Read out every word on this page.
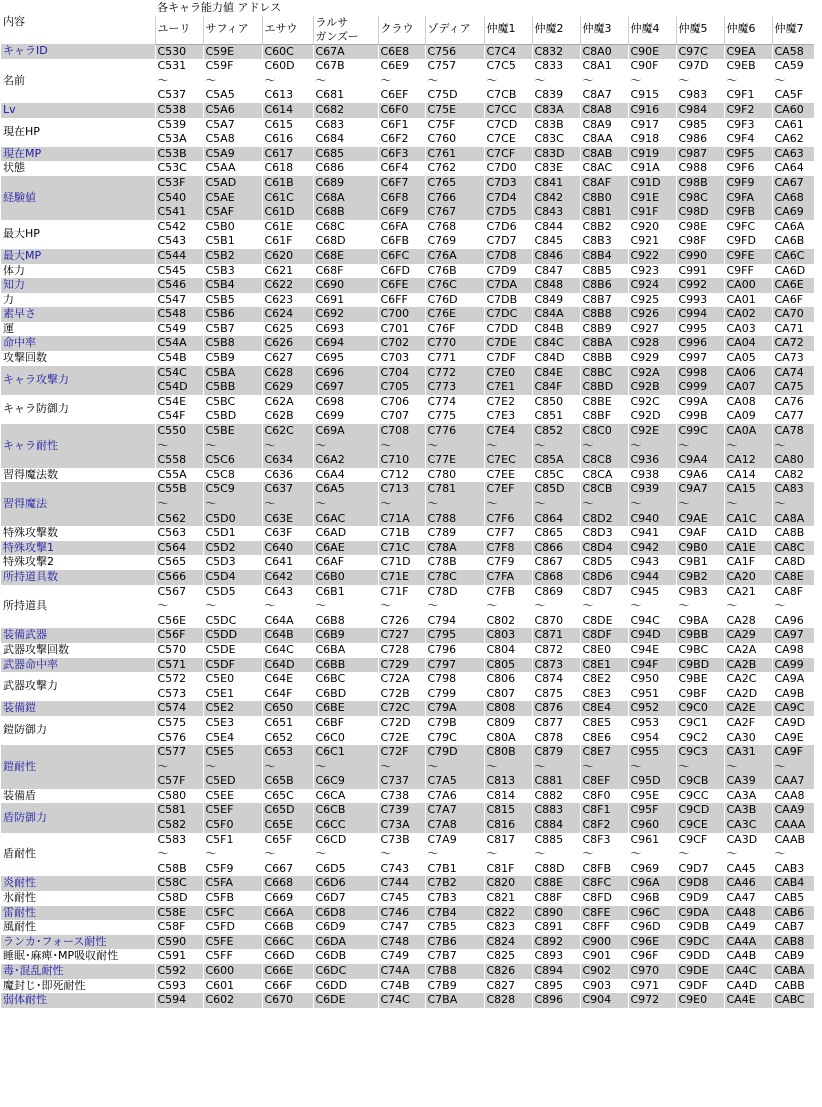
内容	各キャラ能力値 アドレス												
	ユーリ	サフィア	エサウ	ラルサ
ガンズー	クラウ	ゾディア	仲魔1	仲魔2	仲魔3	仲魔4	仲魔5	仲魔6	仲魔7
キャラID	C530	C59E	C60C	C67A	C6E8	C756	C7C4	C832	C8A0	C90E	C97C	C9EA	CA58
名前	C531	C59F	C60D	C67B	C6E9	C757	C7C5	C833	C8A1	C90F	C97D	C9EB	CA59
	～	～	～	～	～	～	～	～	～	～	～	～	～
	C537	C5A5	C613	C681	C6EF	C75D	C7CB	C839	C8A7	C915	C983	C9F1	CA5F
Lv	C538	C5A6	C614	C682	C6F0	C75E	C7CC	C83A	C8A8	C916	C984	C9F2	CA60
現在HP	C539	C5A7	C615	C683	C6F1	C75F	C7CD	C83B	C8A9	C917	C985	C9F3	CA61
	C53A	C5A8	C616	C684	C6F2	C760	C7CE	C83C	C8AA	C918	C986	C9F4	CA62
現在MP	C53B	C5A9	C617	C685	C6F3	C761	C7CF	C83D	C8AB	C919	C987	C9F5	CA63
状態	C53C	C5AA	C618	C686	C6F4	C762	C7D0	C83E	C8AC	C91A	C988	C9F6	CA64
経験値	C53F	C5AD	C61B	C689	C6F7	C765	C7D3	C841	C8AF	C91D	C98B	C9F9	CA67
	C540	C5AE	C61C	C68A	C6F8	C766	C7D4	C842	C8B0	C91E	C98C	C9FA	CA68
	C541	C5AF	C61D	C68B	C6F9	C767	C7D5	C843	C8B1	C91F	C98D	C9FB	CA69
最大HP	C542	C5B0	C61E	C68C	C6FA	C768	C7D6	C844	C8B2	C920	C98E	C9FC	CA6A
	C543	C5B1	C61F	C68D	C6FB	C769	C7D7	C845	C8B3	C921	C98F	C9FD	CA6B
最大MP	C544	C5B2	C620	C68E	C6FC	C76A	C7D8	C846	C8B4	C922	C990	C9FE	CA6C
体力	C545	C5B3	C621	C68F	C6FD	C76B	C7D9	C847	C8B5	C923	C991	C9FF	CA6D
知力	C546	C5B4	C622	C690	C6FE	C76C	C7DA	C848	C8B6	C924	C992	CA00	CA6E
力	C547	C5B5	C623	C691	C6FF	C76D	C7DB	C849	C8B7	C925	C993	CA01	CA6F
素早さ	C548	C5B6	C624	C692	C700	C76E	C7DC	C84A	C8B8	C926	C994	CA02	CA70
運	C549	C5B7	C625	C693	C701	C76F	C7DD	C84B	C8B9	C927	C995	CA03	CA71
命中率	C54A	C5B8	C626	C694	C702	C770	C7DE	C84C	C8BA	C928	C996	CA04	CA72
攻撃回数	C54B	C5B9	C627	C695	C703	C771	C7DF	C84D	C8BB	C929	C997	CA05	CA73
キャラ攻撃力	C54C	C5BA	C628	C696	C704	C772	C7E0	C84E	C8BC	C92A	C998	CA06	CA74
	C54D	C5BB	C629	C697	C705	C773	C7E1	C84F	C8BD	C92B	C999	CA07	CA75
キャラ防御力	C54E	C5BC	C62A	C698	C706	C774	C7E2	C850	C8BE	C92C	C99A	CA08	CA76
	C54F	C5BD	C62B	C699	C707	C775	C7E3	C851	C8BF	C92D	C99B	CA09	CA77
キャラ耐性	C550	C5BE	C62C	C69A	C708	C776	C7E4	C852	C8C0	C92E	C99C	CA0A	CA78
	～	～	～	～	～	～	～	～	～	～	～	～	～
	C558	C5C6	C634	C6A2	C710	C77E	C7EC	C85A	C8C8	C936	C9A4	CA12	CA80
習得魔法数	C55A	C5C8	C636	C6A4	C712	C780	C7EE	C85C	C8CA	C938	C9A6	CA14	CA82
習得魔法	C55B	C5C9	C637	C6A5	C713	C781	C7EF	C85D	C8CB	C939	C9A7	CA15	CA83
	～	～	～	～	～	～	～	～	～	～	～	～	～
	C562	C5D0	C63E	C6AC	C71A	C788	C7F6	C864	C8D2	C940	C9AE	CA1C	CA8A
特殊攻撃数	C563	C5D1	C63F	C6AD	C71B	C789	C7F7	C865	C8D3	C941	C9AF	CA1D	CA8B
特殊攻撃1	C564	C5D2	C640	C6AE	C71C	C78A	C7F8	C866	C8D4	C942	C9B0	CA1E	CA8C
特殊攻撃2	C565	C5D3	C641	C6AF	C71D	C78B	C7F9	C867	C8D5	C943	C9B1	CA1F	CA8D
所持道具数	C566	C5D4	C642	C6B0	C71E	C78C	C7FA	C868	C8D6	C944	C9B2	CA20	CA8E
所持道具	C567	C5D5	C643	C6B1	C71F	C78D	C7FB	C869	C8D7	C945	C9B3	CA21	CA8F
	～	～	～	～	～	～	～	～	～	～	～	～	～
	C56E	C5DC	C64A	C6B8	C726	C794	C802	C870	C8DE	C94C	C9BA	CA28	CA96
装備武器	C56F	C5DD	C64B	C6B9	C727	C795	C803	C871	C8DF	C94D	C9BB	CA29	CA97
武器攻撃回数	C570	C5DE	C64C	C6BA	C728	C796	C804	C872	C8E0	C94E	C9BC	CA2A	CA98
武器命中率	C571	C5DF	C64D	C6BB	C729	C797	C805	C873	C8E1	C94F	C9BD	CA2B	CA99
武器攻撃力	C572	C5E0	C64E	C6BC	C72A	C798	C806	C874	C8E2	C950	C9BE	CA2C	CA9A
	C573	C5E1	C64F	C6BD	C72B	C799	C807	C875	C8E3	C951	C9BF	CA2D	CA9B
装備鎧	C574	C5E2	C650	C6BE	C72C	C79A	C808	C876	C8E4	C952	C9C0	CA2E	CA9C
鎧防御力	C575	C5E3	C651	C6BF	C72D	C79B	C809	C877	C8E5	C953	C9C1	CA2F	CA9D
	C576	C5E4	C652	C6C0	C72E	C79C	C80A	C878	C8E6	C954	C9C2	CA30	CA9E
鎧耐性	C577	C5E5	C653	C6C1	C72F	C79D	C80B	C879	C8E7	C955	C9C3	CA31	CA9F
	～	～	～	～	～	～	～	～	～	～	～	～	～
	C57F	C5ED	C65B	C6C9	C737	C7A5	C813	C881	C8EF	C95D	C9CB	CA39	CAA7
装備盾	C580	C5EE	C65C	C6CA	C738	C7A6	C814	C882	C8F0	C95E	C9CC	CA3A	CAA8
盾防御力	C581	C5EF	C65D	C6CB	C739	C7A7	C815	C883	C8F1	C95F	C9CD	CA3B	CAA9
	C582	C5F0	C65E	C6CC	C73A	C7A8	C816	C884	C8F2	C960	C9CE	CA3C	CAAA
盾耐性	C583	C5F1	C65F	C6CD	C73B	C7A9	C817	C885	C8F3	C961	C9CF	CA3D	CAAB
	～	～	～	～	～	～	～	～	～	～	～	～	～
	C58B	C5F9	C667	C6D5	C743	C7B1	C81F	C88D	C8FB	C969	C9D7	CA45	CAB3
炎耐性	C58C	C5FA	C668	C6D6	C744	C7B2	C820	C88E	C8FC	C96A	C9D8	CA46	CAB4
氷耐性	C58D	C5FB	C669	C6D7	C745	C7B3	C821	C88F	C8FD	C96B	C9D9	CA47	CAB5
雷耐性	C58E	C5FC	C66A	C6D8	C746	C7B4	C822	C890	C8FE	C96C	C9DA	CA48	CAB6
風耐性	C58F	C5FD	C66B	C6D9	C747	C7B5	C823	C891	C8FF	C96D	C9DB	CA49	CAB7
ランカ･フォース耐性	C590	C5FE	C66C	C6DA	C748	C7B6	C824	C892	C900	C96E	C9DC	CA4A	CAB8
睡眠･麻痺･MP吸収耐性	C591	C5FF	C66D	C6DB	C749	C7B7	C825	C893	C901	C96F	C9DD	CA4B	CAB9
毒･混乱耐性	C592	C600	C66E	C6DC	C74A	C7B8	C826	C894	C902	C970	C9DE	CA4C	CABA
魔封じ･即死耐性	C593	C601	C66F	C6DD	C74B	C7B9	C827	C895	C903	C971	C9DF	CA4D	CABB
弱体耐性	C594	C602	C670	C6DE	C74C	C7BA	C828	C896	C904	C972	C9E0	CA4E	CABC
